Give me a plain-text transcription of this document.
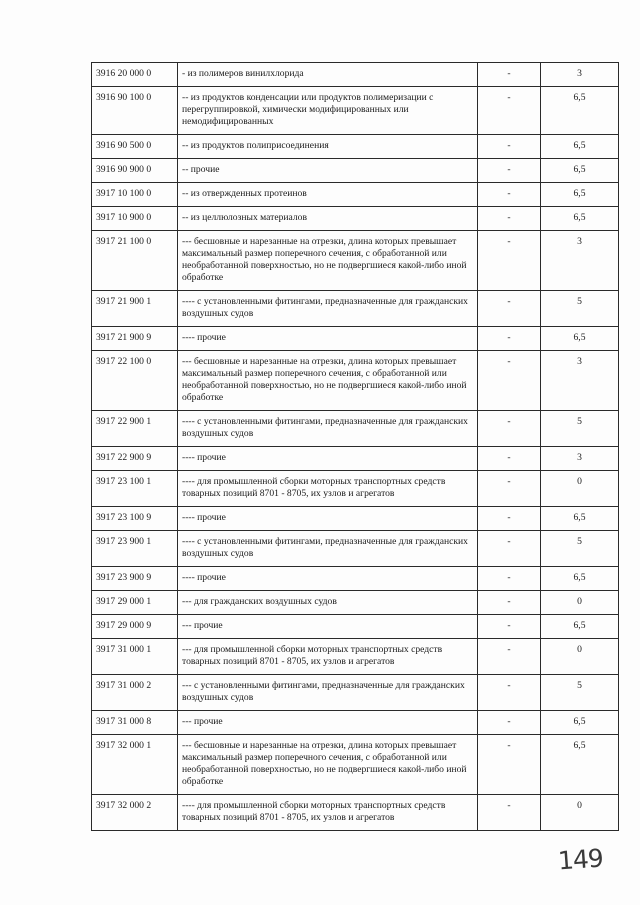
3916 20 000 0	- из полимеров винилхлорида	-	3
3916 90 100 0	-- из продуктов конденсации или продуктов полимеризации с перегруппировкой, химически модифицированных или немодифицированных	-	6,5
3916 90 500 0	-- из продуктов полиприсоединения	-	6,5
3916 90 900 0	-- прочие	-	6,5
3917 10 100 0	-- из отвержденных протеинов	-	6,5
3917 10 900 0	-- из целлюлозных материалов	-	6,5
3917 21 100 0	--- бесшовные и нарезанные на отрезки, длина которых превышает максимальный размер поперечного сечения, с обработанной или необработанной поверхностью, но не подвергшиеся какой-либо иной обработке	-	3
3917 21 900 1	---- с установленными фитингами, предназначенные для гражданских воздушных судов	-	5
3917 21 900 9	---- прочие	-	6,5
3917 22 100 0	--- бесшовные и нарезанные на отрезки, длина которых превышает максимальный размер поперечного сечения, с обработанной или необработанной поверхностью, но не подвергшиеся какой-либо иной обработке	-	3
3917 22 900 1	---- с установленными фитингами, предназначенные для гражданских воздушных судов	-	5
3917 22 900 9	---- прочие	-	3
3917 23 100 1	---- для промышленной сборки моторных транспортных средств товарных позиций 8701 - 8705, их узлов и агрегатов	-	0
3917 23 100 9	---- прочие	-	6,5
3917 23 900 1	---- с установленными фитингами, предназначенные для гражданских воздушных судов	-	5
3917 23 900 9	---- прочие	-	6,5
3917 29 000 1	--- для гражданских воздушных судов	-	0
3917 29 000 9	--- прочие	-	6,5
3917 31 000 1	--- для промышленной сборки моторных транспортных средств товарных позиций 8701 - 8705, их узлов и агрегатов	-	0
3917 31 000 2	--- с установленными фитингами, предназначенные для гражданских воздушных судов	-	5
3917 31 000 8	--- прочие	-	6,5
3917 32 000 1	--- бесшовные и нарезанные на отрезки, длина которых превышает максимальный размер поперечного сечения, с обработанной или необработанной поверхностью, но не подвергшиеся какой-либо иной обработке	-	6,5
3917 32 000 2	---- для промышленной сборки моторных транспортных средств товарных позиций 8701 - 8705, их узлов и агрегатов	-	0
149
